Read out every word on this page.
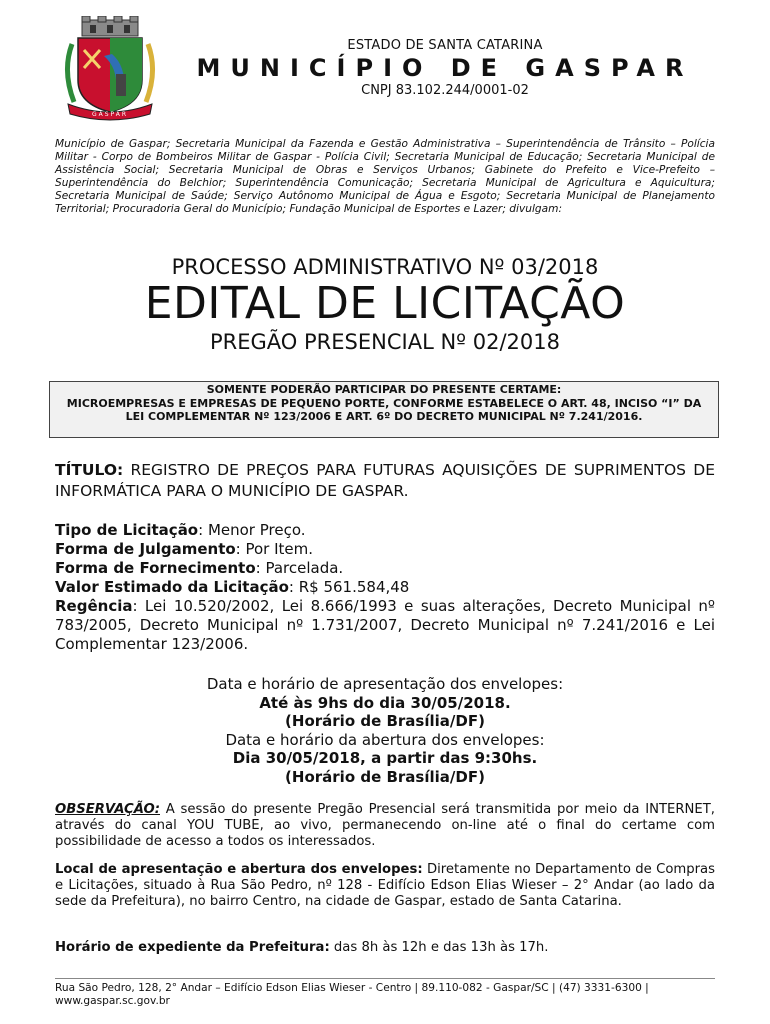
GASPAR
ESTADO DE SANTA CATARINA
MUNICÍPIO DE GASPAR
CNPJ 83.102.244/0001-02
Município de Gaspar; Secretaria Municipal da Fazenda e Gestão Administrativa – Superintendência de Trânsito – Polícia Militar - Corpo de Bombeiros Militar de Gaspar - Polícia Civil; Secretaria Municipal de Educação; Secretaria Municipal de Assistência Social; Secretaria Municipal de Obras e Serviços Urbanos; Gabinete do Prefeito e Vice-Prefeito – Superintendência do Belchior; Superintendência Comunicação; Secretaria Municipal de Agricultura e Aquicultura; Secretaria Municipal de Saúde; Serviço Autônomo Municipal de Água e Esgoto; Secretaria Municipal de Planejamento Territorial; Procuradoria Geral do Município; Fundação Municipal de Esportes e Lazer; divulgam:
PROCESSO ADMINISTRATIVO Nº 03/2018
EDITAL DE LICITAÇÃO
PREGÃO PRESENCIAL Nº 02/2018
SOMENTE PODERÃO PARTICIPAR DO PRESENTE CERTAME:
MICROEMPRESAS E EMPRESAS DE PEQUENO PORTE, CONFORME ESTABELECE O ART. 48, INCISO “I” DA LEI COMPLEMENTAR Nº 123/2006 E ART. 6º DO DECRETO MUNICIPAL Nº 7.241/2016.
TÍTULO: REGISTRO DE PREÇOS PARA FUTURAS AQUISIÇÕES DE SUPRIMENTOS DE INFORMÁTICA PARA O MUNICÍPIO DE GASPAR.
Tipo de Licitação: Menor Preço.
Forma de Julgamento: Por Item.
Forma de Fornecimento: Parcelada.
Valor Estimado da Licitação: R$ 561.584,48
Regência: Lei 10.520/2002, Lei 8.666/1993 e suas alterações, Decreto Municipal nº 783/2005, Decreto Municipal nº 1.731/2007, Decreto Municipal nº 7.241/2016 e Lei Complementar 123/2006.
Data e horário de apresentação dos envelopes:
Até às 9hs do dia 30/05/2018.
(Horário de Brasília/DF)
Data e horário da abertura dos envelopes:
Dia 30/05/2018, a partir das 9:30hs.
(Horário de Brasília/DF)
OBSERVAÇÃO: A sessão do presente Pregão Presencial será transmitida por meio da INTERNET, através do canal YOU TUBE, ao vivo, permanecendo on-line até o final do certame com possibilidade de acesso a todos os interessados.
Local de apresentação e abertura dos envelopes: Diretamente no Departamento de Compras e Licitações, situado à Rua São Pedro, nº 128 - Edifício Edson Elias Wieser – 2° Andar (ao lado da sede da Prefeitura), no bairro Centro, na cidade de Gaspar, estado de Santa Catarina.
Horário de expediente da Prefeitura: das 8h às 12h e das 13h às 17h.
Rua São Pedro, 128, 2° Andar – Edifício Edson Elias Wieser - Centro | 89.110-082 - Gaspar/SC | (47) 3331-6300 |
www.gaspar.sc.gov.br
